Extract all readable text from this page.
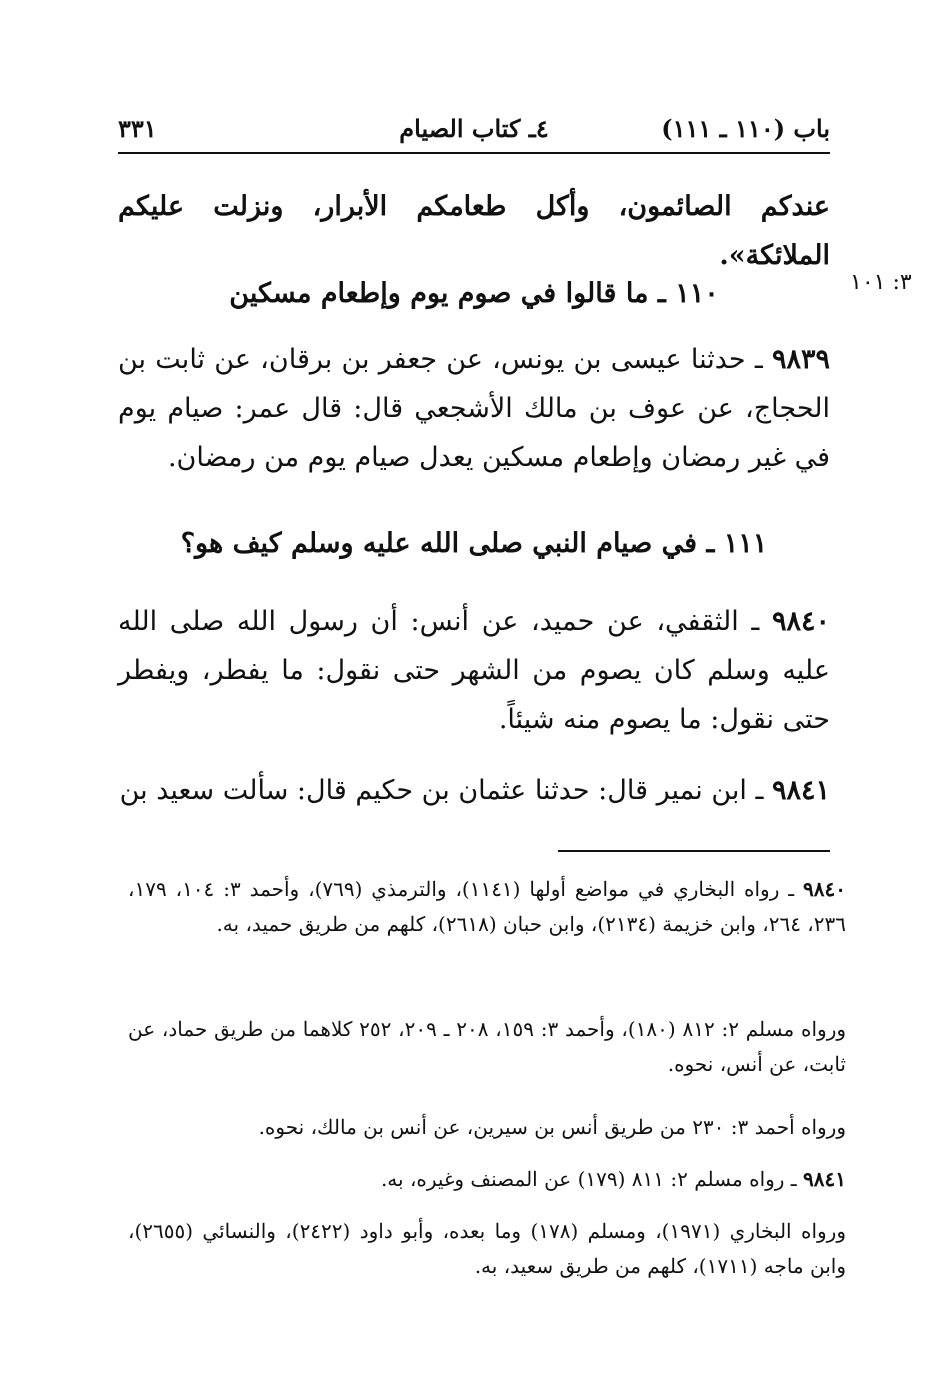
باب (١١٠ ـ ١١١)
٤ـ كتاب الصيام
٣٣١
عندكم الصائمون، وأكل طعامكم الأبرار، ونزلت عليكم الملائكة».
٣: ١٠١
١١٠ ـ ما قالوا في صوم يوم وإطعام مسكين
٩٨٣٩ ـ حدثنا عيسى بن يونس، عن جعفر بن برقان، عن ثابت بن الحجاج، عن عوف بن مالك الأشجعي قال: قال عمر: صيام يوم في غير رمضان وإطعام مسكين يعدل صيام يوم من رمضان.
١١١ ـ في صيام النبي صلى الله عليه وسلم كيف هو؟
٩٨٤٠ ـ الثقفي، عن حميد، عن أنس: أن رسول الله صلى الله عليه وسلم كان يصوم من الشهر حتى نقول: ما يفطر، ويفطر حتى نقول: ما يصوم منه شيئاً.
٩٨٤١ ـ ابن نمير قال: حدثنا عثمان بن حكيم قال: سألت سعيد بن
٩٨٤٠ ـ رواه البخاري في مواضع أولها (١١٤١)، والترمذي (٧٦٩)، وأحمد ٣: ١٠٤، ١٧٩، ٢٣٦، ٢٦٤، وابن خزيمة (٢١٣٤)، وابن حبان (٢٦١٨)، كلهم من طريق حميد، به.
ورواه مسلم ٢: ٨١٢ (١٨٠)، وأحمد ٣: ١٥٩، ٢٠٨ ـ ٢٠٩، ٢٥٢ كلاهما من طريق حماد، عن ثابت، عن أنس، نحوه.
ورواه أحمد ٣: ٢٣٠ من طريق أنس بن سيرين، عن أنس بن مالك، نحوه.
٩٨٤١ ـ رواه مسلم ٢: ٨١١ (١٧٩) عن المصنف وغيره، به.
ورواه البخاري (١٩٧١)، ومسلم (١٧٨) وما بعده، وأبو داود (٢٤٢٢)، والنسائي (٢٦٥٥)، وابن ماجه (١٧١١)، كلهم من طريق سعيد، به.
